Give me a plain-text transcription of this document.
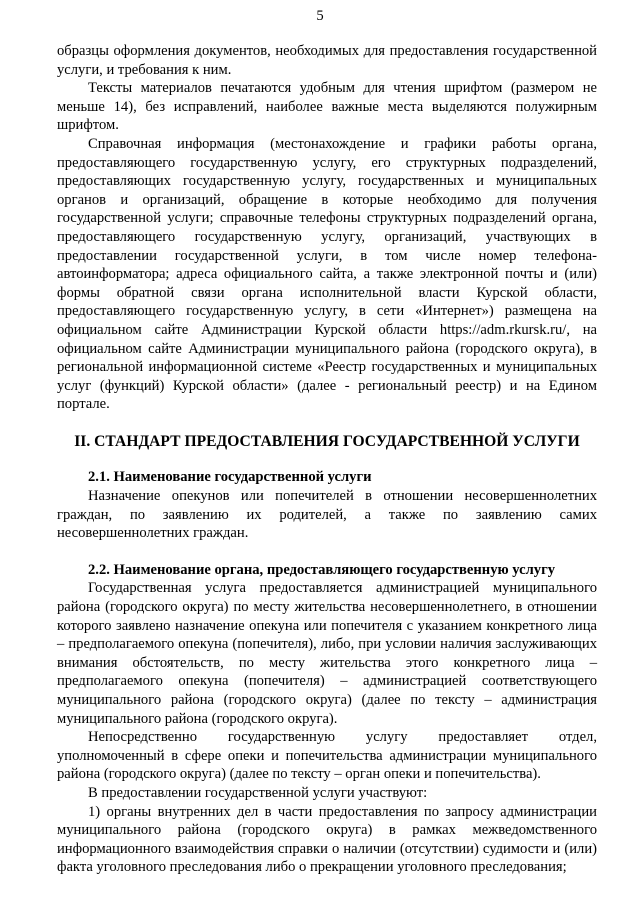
5

образцы оформления документов, необходимых для предоставления государственной услуги, и требования к ним.

Тексты материалов печатаются удобным для чтения шрифтом (размером не меньше 14), без исправлений, наиболее важные места выделяются полужирным шрифтом.

Справочная информация (местонахождение и графики работы органа, предоставляющего государственную услугу, его структурных подразделений, предоставляющих государственную услугу, государственных и муниципальных органов и организаций, обращение в которые необходимо для получения государственной услуги; справочные телефоны структурных подразделений органа, предоставляющего государственную услугу, организаций, участвующих в предоставлении государственной услуги, в том числе номер телефона-автоинформатора; адреса официального сайта, а также электронной почты и (или) формы обратной связи органа исполнительной власти Курской области, предоставляющего государственную услугу, в сети «Интернет») размещена на официальном сайте Администрации Курской области https://adm.rkursk.ru/, на официальном сайте Администрации муниципального района (городского округа), в региональной информационной системе «Реестр государственных и муниципальных услуг (функций) Курской области» (далее - региональный реестр) и на Едином портале.

II. СТАНДАРТ ПРЕДОСТАВЛЕНИЯ ГОСУДАРСТВЕННОЙ УСЛУГИ

2.1. Наименование государственной услуги

Назначение опекунов или попечителей в отношении несовершеннолетних граждан, по заявлению их родителей, а также по заявлению самих несовершеннолетних граждан.

2.2. Наименование органа, предоставляющего государственную услугу

Государственная услуга предоставляется администрацией муниципального района (городского округа) по месту жительства несовершеннолетнего, в отношении которого заявлено назначение опекуна или попечителя с указанием конкретного лица – предполагаемого опекуна (попечителя), либо, при условии наличия заслуживающих внимания обстоятельств, по месту жительства этого конкретного лица – предполагаемого опекуна (попечителя) – администрацией соответствующего муниципального района (городского округа) (далее по тексту – администрация муниципального района (городского округа).

Непосредственно государственную услугу предоставляет отдел, уполномоченный в сфере опеки и попечительства администрации муниципального района (городского округа) (далее по тексту – орган опеки и попечительства).

В предоставлении государственной услуги участвуют:

1) органы внутренних дел в части предоставления по запросу администрации муниципального района (городского округа) в рамках межведомственного информационного взаимодействия справки о наличии (отсутствии) судимости и (или) факта уголовного преследования либо о прекращении уголовного преследования;
